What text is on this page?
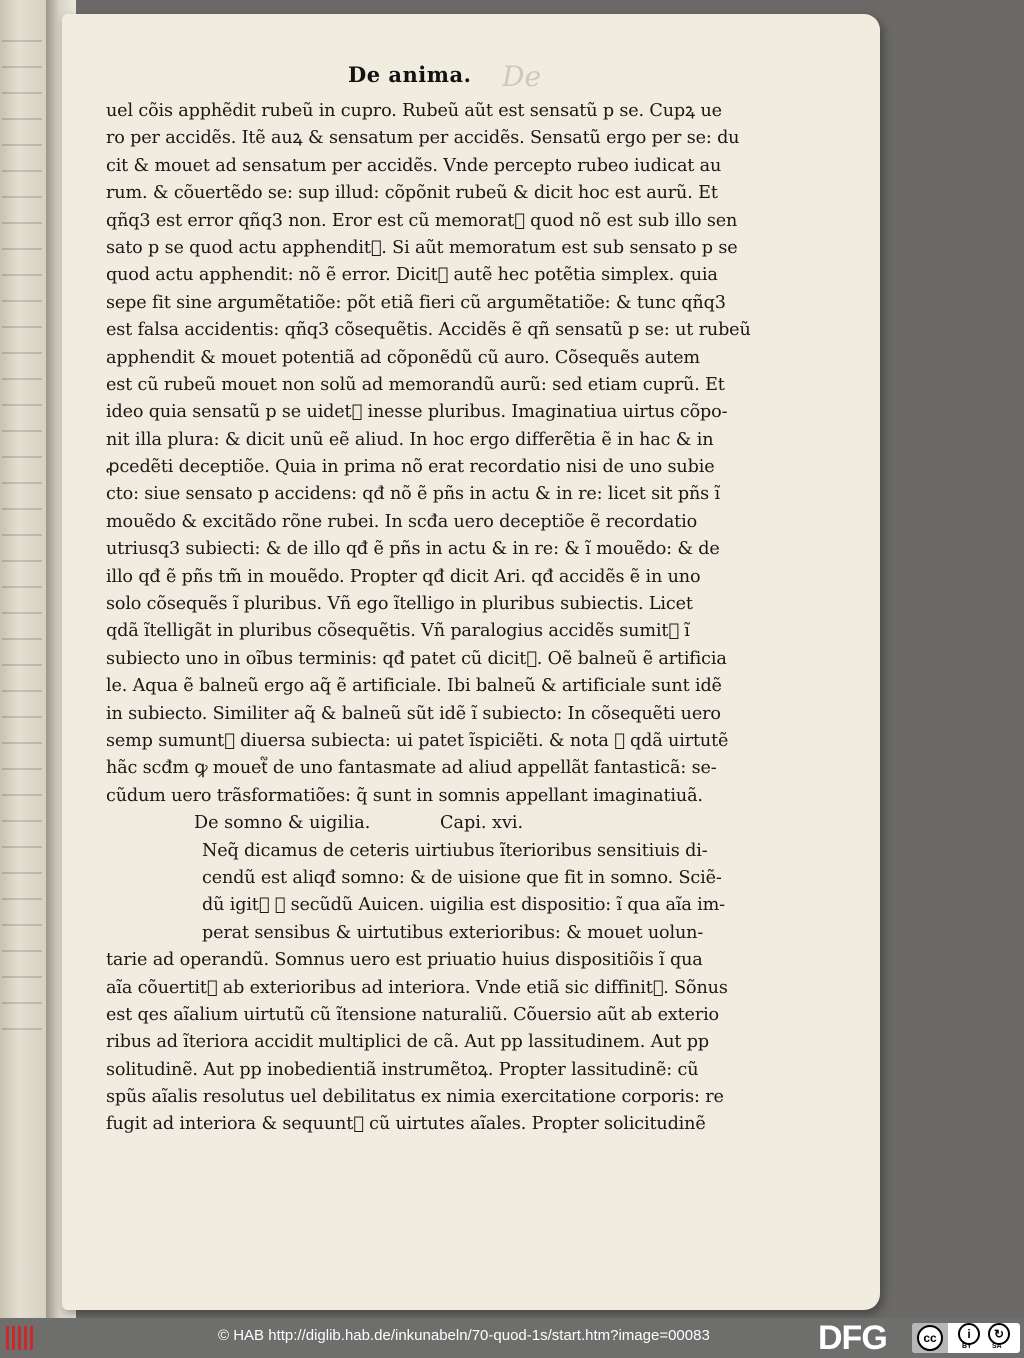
De
De anima.
uel cõis apphẽdit rubeũ in cupro. Rubeũ aũt est sensatũ p se. Cupꝝ ue
ro per accidẽs. Itẽ auꝝ & sensatum per accidẽs. Sensatũ ergo per se: du
cit & mouet ad sensatum per accidẽs. Vnde percepto rubeo iudicat au
rum. & cõuertẽdo se: sup illud: cõpõnit rubeũ & dicit hoc est aurũ. Et
qñq3 est error qñq3 non. Eror est cũ memorat᷑ quod nõ est sub illo sen
sato p se quod actu apphendit᷑. Si aũt memoratum est sub sensato p se
quod actu apphendit: nõ ẽ error. Dicit᷑ autẽ hec potẽtia simplex. quia
sepe fit sine argumẽtatiõe: põt etiã fieri cũ argumẽtatiõe: & tunc qñq3
est falsa accidentis: qñq3 cõsequẽtis. Accidẽs ẽ qñ sensatũ p se: ut rubeũ
apphendit & mouet potentiã ad cõponẽdũ cũ auro. Cõsequẽs autem
est cũ rubeũ mouet non solũ ad memorandũ aurũ: sed etiam cuprũ. Et
ideo quia sensatũ p se uidet᷑ inesse pluribus. Imaginatiua uirtus cõpo-
nit illa plura: & dicit unũ eẽ aliud. In hoc ergo differẽtia ẽ in hac & in
ꝓcedẽti deceptiõe. Quia in prima nõ erat recordatio nisi de uno subie
cto: siue sensato p accidens: qđ nõ ẽ pñs in actu & in re: licet sit pñs ĩ
mouẽdo & excitãdo rõne rubei. In scđa uero deceptiõe ẽ recordatio
utriusq3 subiecti: & de illo qđ ẽ pñs in actu & in re: & ĩ mouẽdo: & de
illo qđ ẽ pñs tm̃ in mouẽdo. Propter qđ dicit Ari. qđ accidẽs ẽ in uno
solo cõsequẽs ĩ pluribus. Vñ ego ĩtelligo in pluribus subiectis. Licet
qdã ĩtelligãt in pluribus cõsequẽtis. Vñ paralogius accidẽs sumit᷑ ĩ
subiecto uno in oĩbus terminis: qđ patet cũ dicit᷑. Oẽ balneũ ẽ artificia
le. Aqua ẽ balneũ ergo aq̃ ẽ artificiale. Ibi balneũ & artificiale sunt idẽ
in subiecto. Similiter aq̃ & balneũ sũt idẽ ĩ subiecto: In cõsequẽti uero
semp sumunt᷑ diuersa subiecta: ui patet ĩspiciẽti. & nota ꝙ qdã uirtutẽ
hãc scđm ꝙ mouet᷑ de uno fantasmate ad aliud appellãt fantasticã: se-
cũdum uero trãsformatiões: q̃ sunt in somnis appellant imaginatiuã.
De somno & uigilia.	Capi. xvi.
Neq̃ dicamus de ceteris uirtiubus ĩterioribus sensitiuis di-
cendũ est aliqđ somno: & de uisione que fit in somno. Sciẽ-
dũ igit᷑ ꝙ secũdũ Auicen. uigilia est dispositio: ĩ qua aĩa im-
perat sensibus & uirtutibus exterioribus: & mouet uolun-
tarie ad operandũ. Somnus uero est priuatio huius dispositiõis ĩ qua
aĩa cõuertit᷑ ab exterioribus ad interiora. Vnde etiã sic diffinit᷑. Sõnus
est qes aĩalium uirtutũ cũ ĩtensione naturaliũ. Cõuersio aũt ab exterio
ribus ad ĩteriora accidit multiplici de cã. Aut pp lassitudinem. Aut pp
solitudinẽ. Aut pp inobedientiã instrumẽtoꝝ. Propter lassitudinẽ: cũ
spũs aĩalis resolutus uel debilitatus ex nimia exercitatione corporis: re
fugit ad interiora & sequunt᷑ cũ uirtutes aĩales. Propter solicitudinẽ
© HAB http://diglib.hab.de/inkunabeln/70-quod-1s/start.htm?image=00083	DFG	cc	i	↻
BY	SA
